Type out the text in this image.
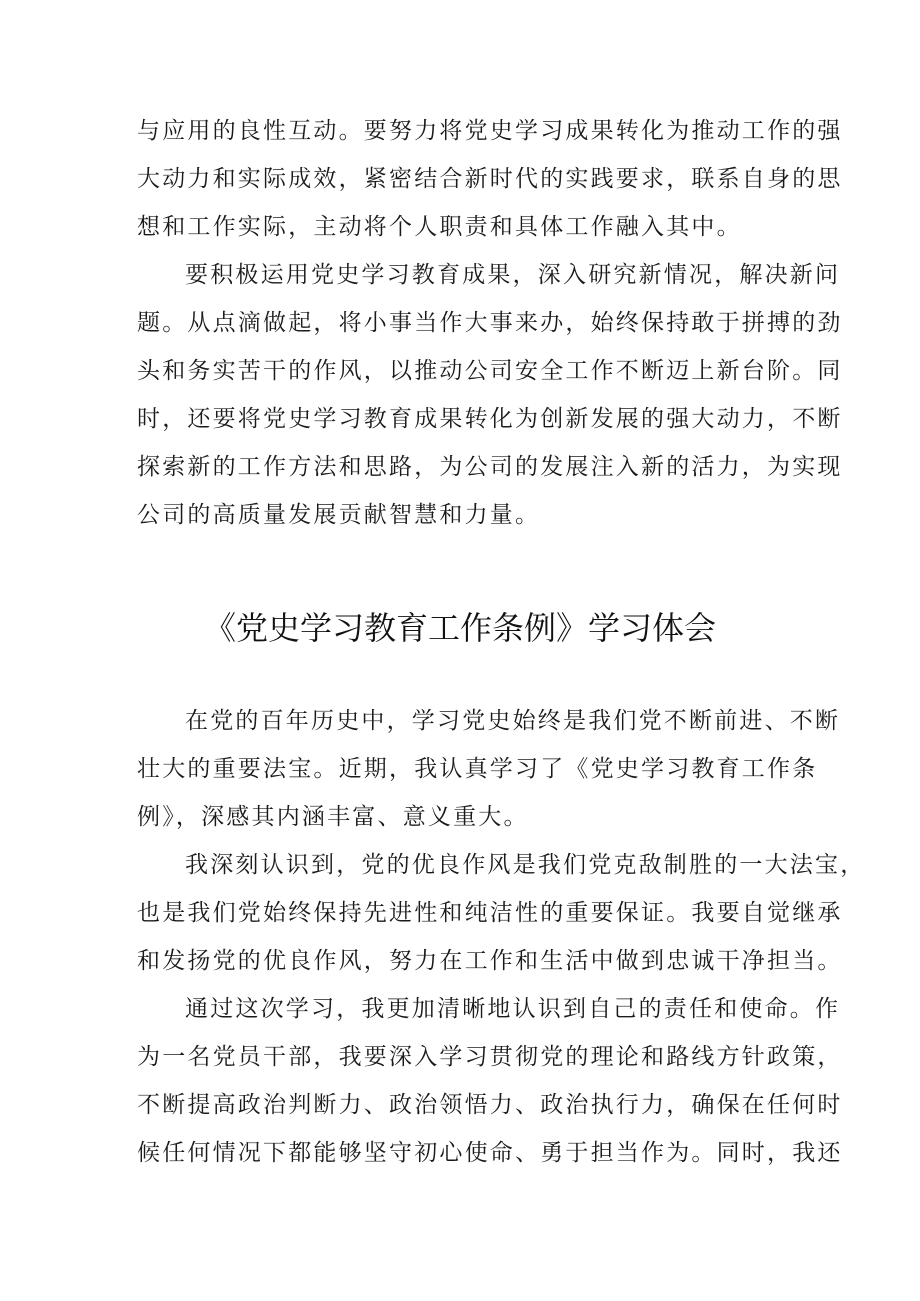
与应用的良性互动。要努力将党史学习成果转化为推动工作的强

大动力和实际成效，紧密结合新时代的实践要求，联系自身的思

想和工作实际，主动将个人职责和具体工作融入其中。

要积极运用党史学习教育成果，深入研究新情况，解决新问

题。从点滴做起，将小事当作大事来办，始终保持敢于拼搏的劲

头和务实苦干的作风，以推动公司安全工作不断迈上新台阶。同

时，还要将党史学习教育成果转化为创新发展的强大动力，不断

探索新的工作方法和思路，为公司的发展注入新的活力，为实现

公司的高质量发展贡献智慧和力量。

《党史学习教育工作条例》学习体会

在党的百年历史中，学习党史始终是我们党不断前进、不断

壮大的重要法宝。近期，我认真学习了《党史学习教育工作条

例》，深感其内涵丰富、意义重大。

我深刻认识到，党的优良作风是我们党克敌制胜的一大法宝，

也是我们党始终保持先进性和纯洁性的重要保证。我要自觉继承

和发扬党的优良作风，努力在工作和生活中做到忠诚干净担当。

通过这次学习，我更加清晰地认识到自己的责任和使命。作

为一名党员干部，我要深入学习贯彻党的理论和路线方针政策，

不断提高政治判断力、政治领悟力、政治执行力，确保在任何时

候任何情况下都能够坚守初心使命、勇于担当作为。同时，我还
